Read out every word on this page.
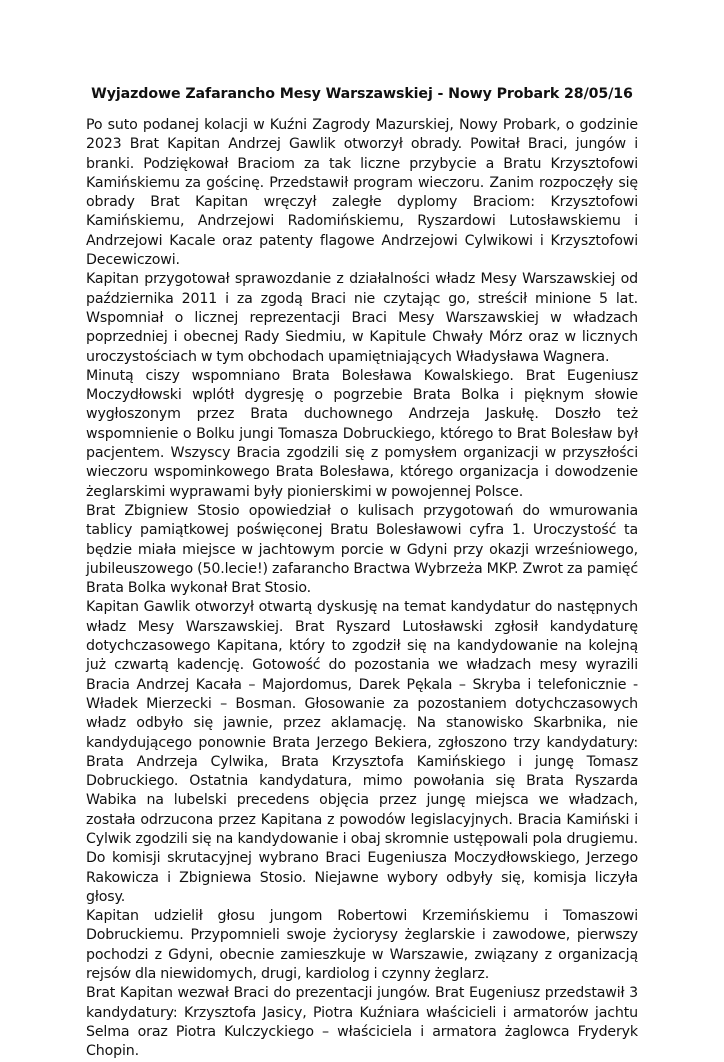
Wyjazdowe Zafarancho Mesy Warszawskiej - Nowy Probark 28/05/16

Po suto podanej kolacji w Kuźni Zagrody Mazurskiej, Nowy Probark, o godzinie 2023 Brat Kapitan Andrzej Gawlik otworzył obrady. Powitał Braci, jungów i branki. Podziękował Braciom za tak liczne przybycie a Bratu Krzysztofowi Kamińskiemu za gościnę. Przedstawił program wieczoru. Zanim rozpoczęły się obrady Brat Kapitan wręczył zaległe dyplomy Braciom: Krzysztofowi Kamińskiemu, Andrzejowi Radomińskiemu, Ryszardowi Lutosławskiemu i Andrzejowi Kacale oraz patenty flagowe Andrzejowi Cylwikowi i Krzysztofowi Decewiczowi.

Kapitan przygotował sprawozdanie z działalności władz Mesy Warszawskiej od października 2011 i za zgodą Braci nie czytając go, streścił minione 5 lat. Wspomniał o licznej reprezentacji Braci Mesy Warszawskiej w władzach poprzedniej i obecnej Rady Siedmiu, w Kapitule Chwały Mórz oraz w licznych uroczystościach w tym obchodach upamiętniających Władysława Wagnera.

Minutą ciszy wspomniano Brata Bolesława Kowalskiego. Brat Eugeniusz Moczydłowski wplótł dygresję o pogrzebie Brata Bolka i pięknym słowie wygłoszonym przez Brata duchownego Andrzeja Jaskułę. Doszło też wspomnienie o Bolku jungi Tomasza Dobruckiego, którego to Brat Bolesław był pacjentem. Wszyscy Bracia zgodzili się z pomysłem organizacji w przyszłości wieczoru wspominkowego Brata Bolesława, którego organizacja i dowodzenie żeglarskimi wyprawami były pionierskimi w powojennej Polsce.

Brat Zbigniew Stosio opowiedział o kulisach przygotowań do wmurowania tablicy pamiątkowej poświęconej Bratu Bolesławowi cyfra 1. Uroczystość ta będzie miała miejsce w jachtowym porcie w Gdyni przy okazji wrześniowego, jubileuszowego (50.lecie!) zafarancho Bractwa Wybrzeża MKP. Zwrot za pamięć Brata Bolka wykonał Brat Stosio.

Kapitan Gawlik otworzył otwartą dyskusję na temat kandydatur do następnych władz Mesy Warszawskiej. Brat Ryszard Lutosławski zgłosił kandydaturę dotychczasowego Kapitana, który to zgodził się na kandydowanie na kolejną już czwartą kadencję. Gotowość do pozostania we władzach mesy wyrazili Bracia Andrzej Kacała – Majordomus, Darek Pękala – Skryba i telefonicznie - Władek Mierzecki – Bosman. Głosowanie za pozostaniem dotychczasowych władz odbyło się jawnie, przez aklamację. Na stanowisko Skarbnika, nie kandydującego ponownie Brata Jerzego Bekiera, zgłoszono trzy kandydatury: Brata Andrzeja Cylwika, Brata Krzysztofa Kamińskiego i jungę Tomasz Dobruckiego. Ostatnia kandydatura, mimo powołania się Brata Ryszarda Wabika na lubelski precedens objęcia przez jungę miejsca we władzach, została odrzucona przez Kapitana z powodów legislacyjnych. Bracia Kamiński i Cylwik zgodzili się na kandydowanie i obaj skromnie ustępowali pola drugiemu. Do komisji skrutacyjnej wybrano Braci Eugeniusza Moczydłowskiego, Jerzego Rakowicza i Zbigniewa Stosio. Niejawne wybory odbyły się, komisja liczyła głosy.

Kapitan udzielił głosu jungom Robertowi Krzemińskiemu i Tomaszowi Dobruckiemu. Przypomnieli swoje życiorysy żeglarskie i zawodowe, pierwszy pochodzi z Gdyni, obecnie zamieszkuje w Warszawie, związany z organizacją rejsów dla niewidomych, drugi, kardiolog i czynny żeglarz.

Brat Kapitan wezwał Braci do prezentacji jungów. Brat Eugeniusz przedstawił 3 kandydatury: Krzysztofa Jasicy, Piotra Kuźniara właścicieli i armatorów jachtu Selma oraz Piotra Kulczyckiego – właściciela i armatora żaglowca Fryderyk Chopin.
